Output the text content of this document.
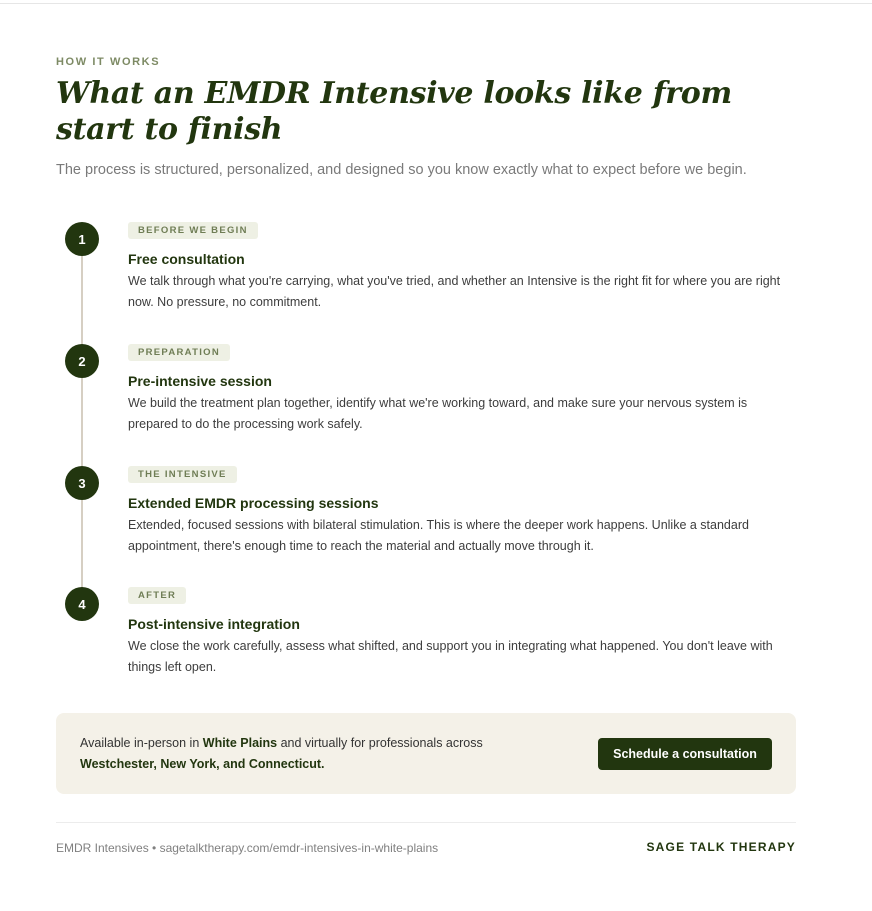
HOW IT WORKS
What an EMDR Intensive looks like from start to finish

The process is structured, personalized, and designed so you know exactly what to expect before we begin.

1
BEFORE WE BEGIN
Free consultation
We talk through what you're carrying, what you've tried, and whether an Intensive is the right fit for where you are right now. No pressure, no commitment.
2
PREPARATION
Pre-intensive session
We build the treatment plan together, identify what we're working toward, and make sure your nervous system is prepared to do the processing work safely.
3
THE INTENSIVE
Extended EMDR processing sessions
Extended, focused sessions with bilateral stimulation. This is where the deeper work happens. Unlike a standard appointment, there's enough time to reach the material and actually move through it.
4
AFTER
Post-intensive integration
We close the work carefully, assess what shifted, and support you in integrating what happened. You don't leave with things left open.
Available in-person in White Plains and virtually for professionals across Westchester, New York, and Connecticut.
Schedule a consultation
EMDR Intensives • sagetalktherapy.com/emdr-intensives-in-white-plains	SAGE TALK THERAPY
